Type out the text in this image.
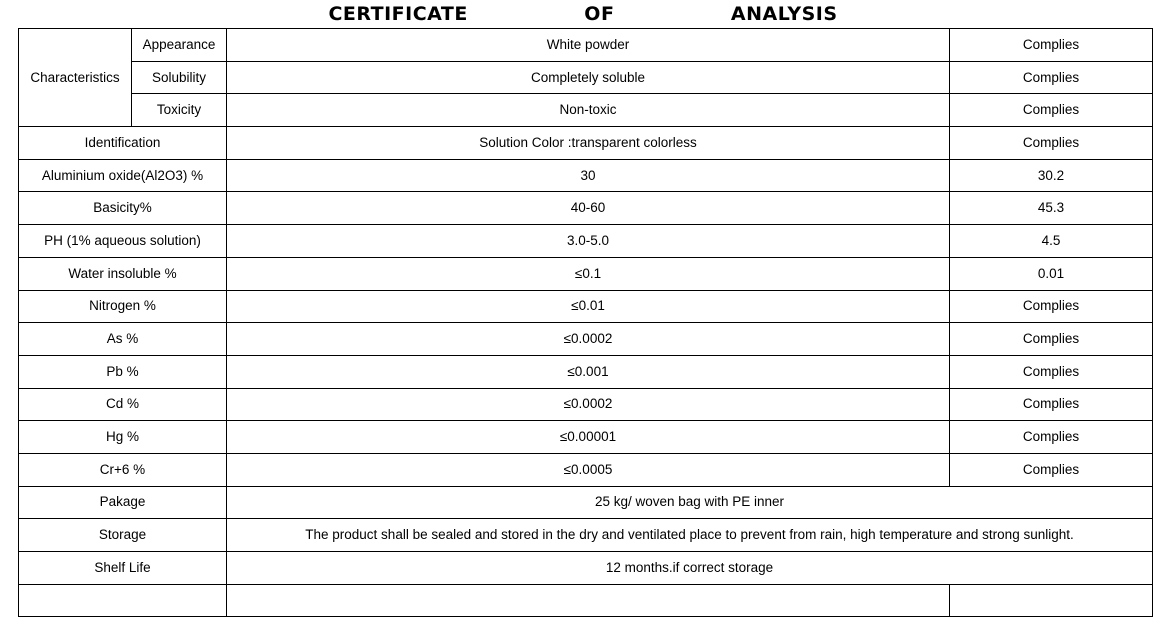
CERTIFICATE    OF    ANALYSIS
Characteristics	Appearance	White powder	Complies
	Solubility	Completely soluble	Complies
	Toxicity	Non-toxic	Complies
Identification		Solution Color :transparent colorless	Complies
Aluminium oxide(Al2O3) %		30	30.2
Basicity%		40-60	45.3
PH (1% aqueous solution)		3.0-5.0	4.5
Water insoluble %		≤0.1	0.01
Nitrogen %		≤0.01	Complies
As %		≤0.0002	Complies
Pb %		≤0.001	Complies
Cd %		≤0.0002	Complies
Hg %		≤0.00001	Complies
Cr+6 %		≤0.0005	Complies
Pakage		25 kg/ woven bag with PE inner	
Storage		The product shall be sealed and stored in the dry and ventilated place to prevent from rain, high temperature and strong sunlight.	
Shelf Life		12 months.if correct storage	
